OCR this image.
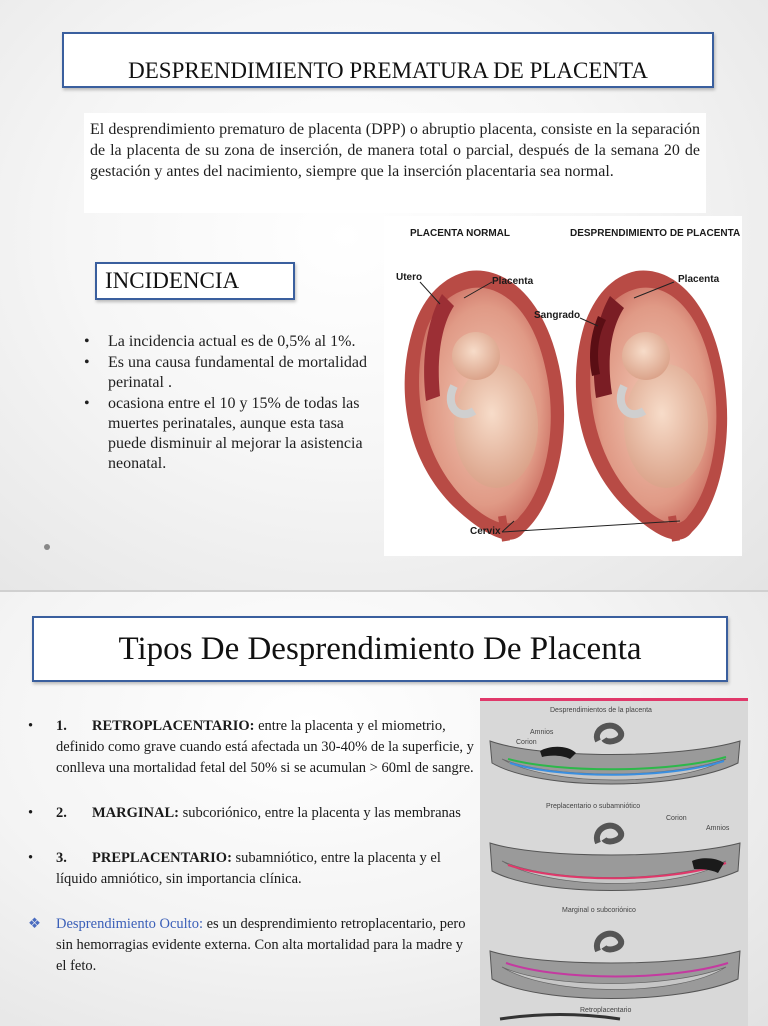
DESPRENDIMIENTO PREMATURA DE PLACENTA
El desprendimiento prematuro de placenta (DPP) o abruptio placenta, consiste en la separación de la placenta de su zona de inserción, de manera total o parcial, después de la semana 20 de gestación y antes del nacimiento, siempre que la inserción placentaria sea normal.
INCIDENCIA
• La incidencia actual es de 0,5% al 1%.
• Es una causa fundamental de mortalidad perinatal .
• ocasiona entre el 10 y 15% de todas las muertes perinatales, aunque esta tasa puede disminuir al mejorar la asistencia neonatal.
PLACENTA NORMAL	DESPRENDIMIENTO DE PLACENTA
Utero	Placenta	Placenta
Sangrado
Cervix
Tipos De Desprendimiento De Placenta
• 1. RETROPLACENTARIO: entre la placenta y el miometrio, definido como grave cuando está afectada un 30-40% de la superficie, y conlleva una mortalidad fetal del 50% si se acumulan > 60ml de sangre.
• 2. MARGINAL: subcoriónico, entre la placenta y las membranas
• 3. PREPLACENTARIO: subamniótico, entre la placenta y el líquido amniótico, sin importancia clínica.
❖ Desprendimiento Oculto: es un desprendimiento retroplacentario, pero sin hemorragias evidente externa. Con alta mortalidad para la madre y el feto.
Desprendimientos de la placenta
Amnios
Corion
Preplacentario o subamniótico
Corion
Amnios
Marginal o subcoriónico
Retroplacentario
